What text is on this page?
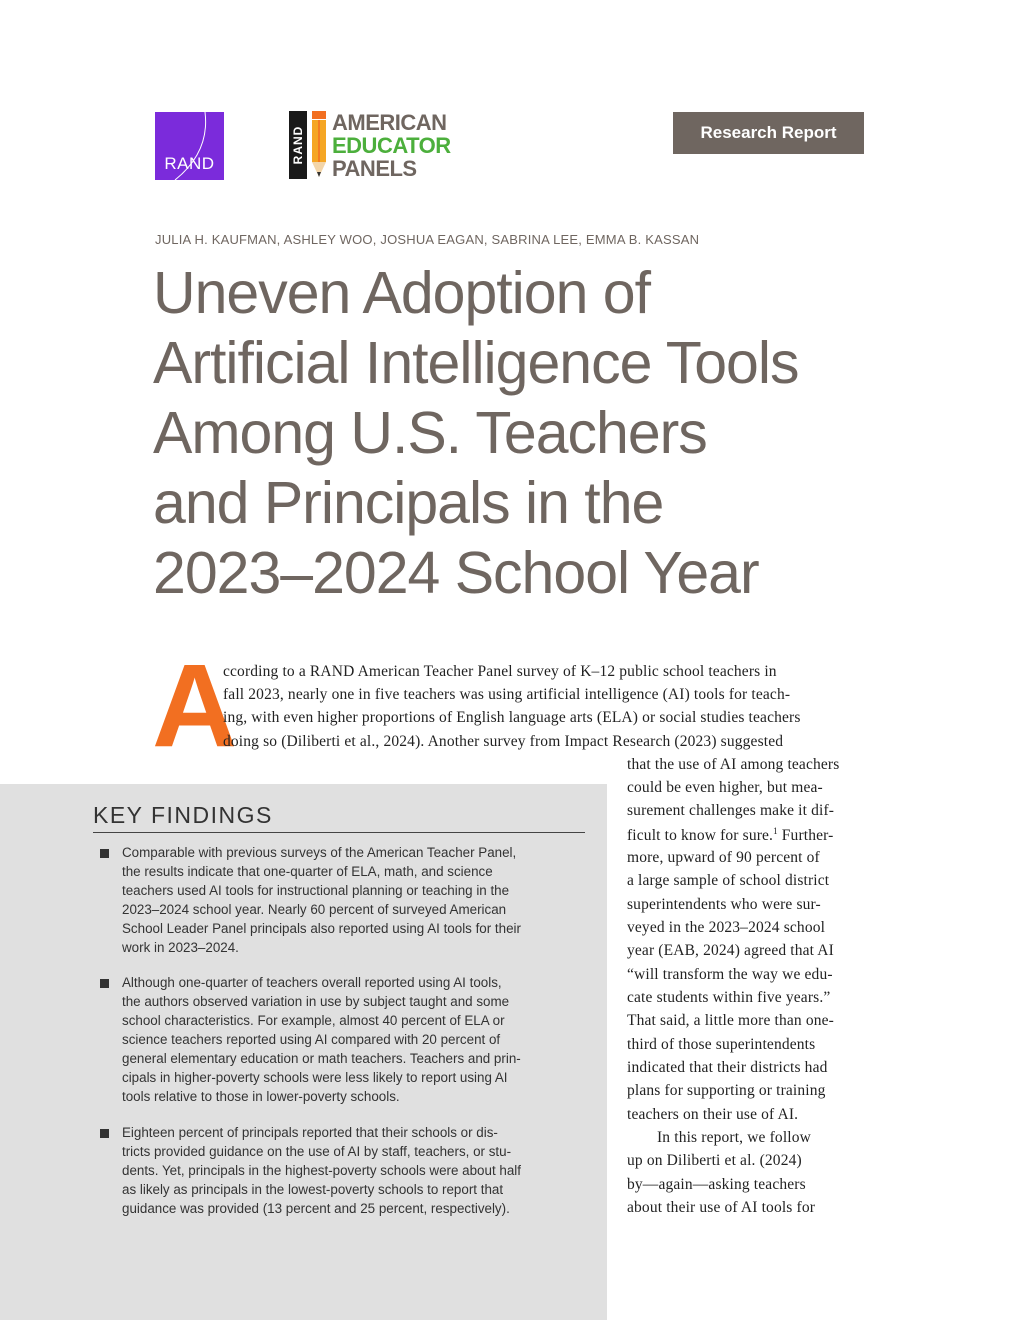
RAND	RAND
AMERICAN
EDUCATOR
PANELS
Research Report
JULIA H. KAUFMAN, ASHLEY WOO, JOSHUA EAGAN, SABRINA LEE, EMMA B. KASSAN
Uneven Adoption of
Artificial Intelligence Tools
Among U.S. Teachers
and Principals in the
2023–2024 School Year
A
ccording to a RAND American Teacher Panel survey of K–12 public school teachers in
fall 2023, nearly one in five teachers was using artificial intelligence (AI) tools for teach-
ing, with even higher proportions of English language arts (ELA) or social studies teachers
doing so (Diliberti et al., 2024). Another survey from Impact Research (2023) suggested
that the use of AI among teachers
could be even higher, but mea-
surement challenges make it dif-
ficult to know for sure.$^1$ Further-
more, upward of 90 percent of
a large sample of school district
superintendents who were sur-
veyed in the 2023–2024 school
year (EAB, 2024) agreed that AI
“will transform the way we edu-
cate students within five years.”
That said, a little more than one-
third of those superintendents
indicated that their districts had
plans for supporting or training
teachers on their use of AI.
In this report, we follow
up on Diliberti et al. (2024)
by—again—asking teachers
about their use of AI tools for
KEY FINDINGS
Comparable with previous surveys of the American Teacher Panel,
the results indicate that one-quarter of ELA, math, and science
teachers used AI tools for instructional planning or teaching in the
2023–2024 school year. Nearly 60 percent of surveyed American
School Leader Panel principals also reported using AI tools for their
work in 2023–2024.
Although one-quarter of teachers overall reported using AI tools,
the authors observed variation in use by subject taught and some
school characteristics. For example, almost 40 percent of ELA or
science teachers reported using AI compared with 20 percent of
general elementary education or math teachers. Teachers and prin-
cipals in higher-poverty schools were less likely to report using AI
tools relative to those in lower-poverty schools.
Eighteen percent of principals reported that their schools or dis-
tricts provided guidance on the use of AI by staff, teachers, or stu-
dents. Yet, principals in the highest-poverty schools were about half
as likely as principals in the lowest-poverty schools to report that
guidance was provided (13 percent and 25 percent, respectively).
